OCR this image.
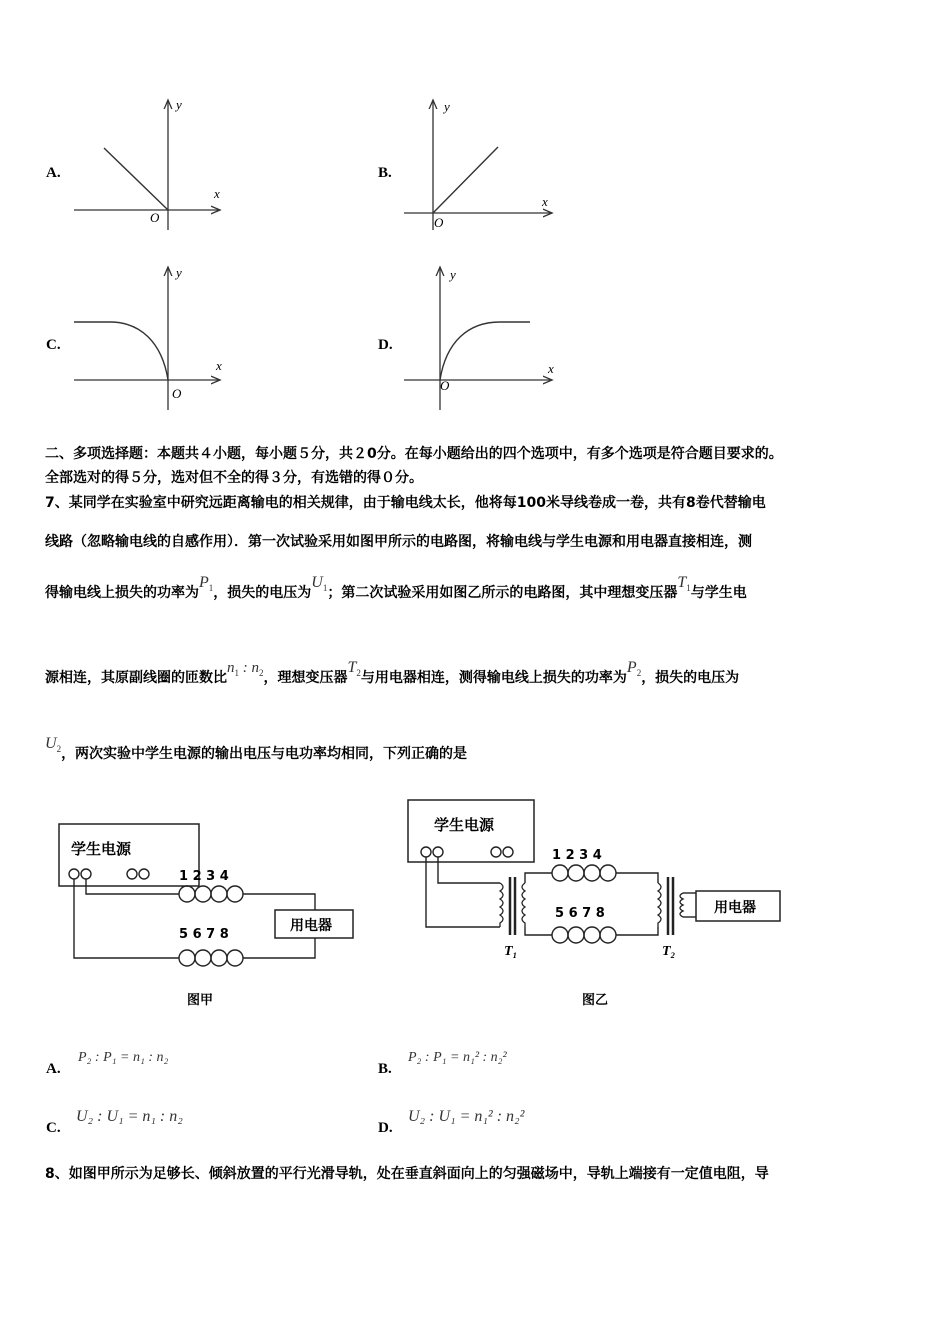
A.
x
y
O
B.
x
y
O
C.
x
y
O
D.
x
y
O
二、多项选择题：本题共４小题，每小题５分，共２0分。在每小题给出的四个选项中，有多个选项是符合题目要求的。
全部选对的得５分，选对但不全的得３分，有选错的得０分。
7、某同学在实验室中研究远距离输电的相关规律，由于输电线太长，他将每100米导线卷成一卷，共有8卷代替输电
线路（忽略输电线的自感作用）．第一次试验采用如图甲所示的电路图，将输电线与学生电源和用电器直接相连，测
得输电线上损失的功率为$P_1$，损失的电压为$U_1$；第二次试验采用如图乙所示的电路图，其中理想变压器$T_1$与学生电
源相连，其原副线圈的匝数比$n_1$ : $n_2$，理想变压器$T_2$与用电器相连，测得输电线上损失的功率为$P_2$，损失的电压为
$U_2$，两次实验中学生电源的输出电压与电功率均相同，下列正确的是
学生电源
1 2 3 4
用电器
5 6 7 8
图甲
学生电源
T₁
1 2 3 4
5 6 7 8
T₂
用电器
图乙
A.
P₂ : P₁ = n₁ : n₂
B.
P₂ : P₁ = n₁² : n₂²
C.
U₂ : U₁ = n₁ : n₂
D.
U₂ : U₁ = n₁² : n₂²
8、如图甲所示为足够长、倾斜放置的平行光滑导轨，处在垂直斜面向上的匀强磁场中，导轨上端接有一定值电阻，导
